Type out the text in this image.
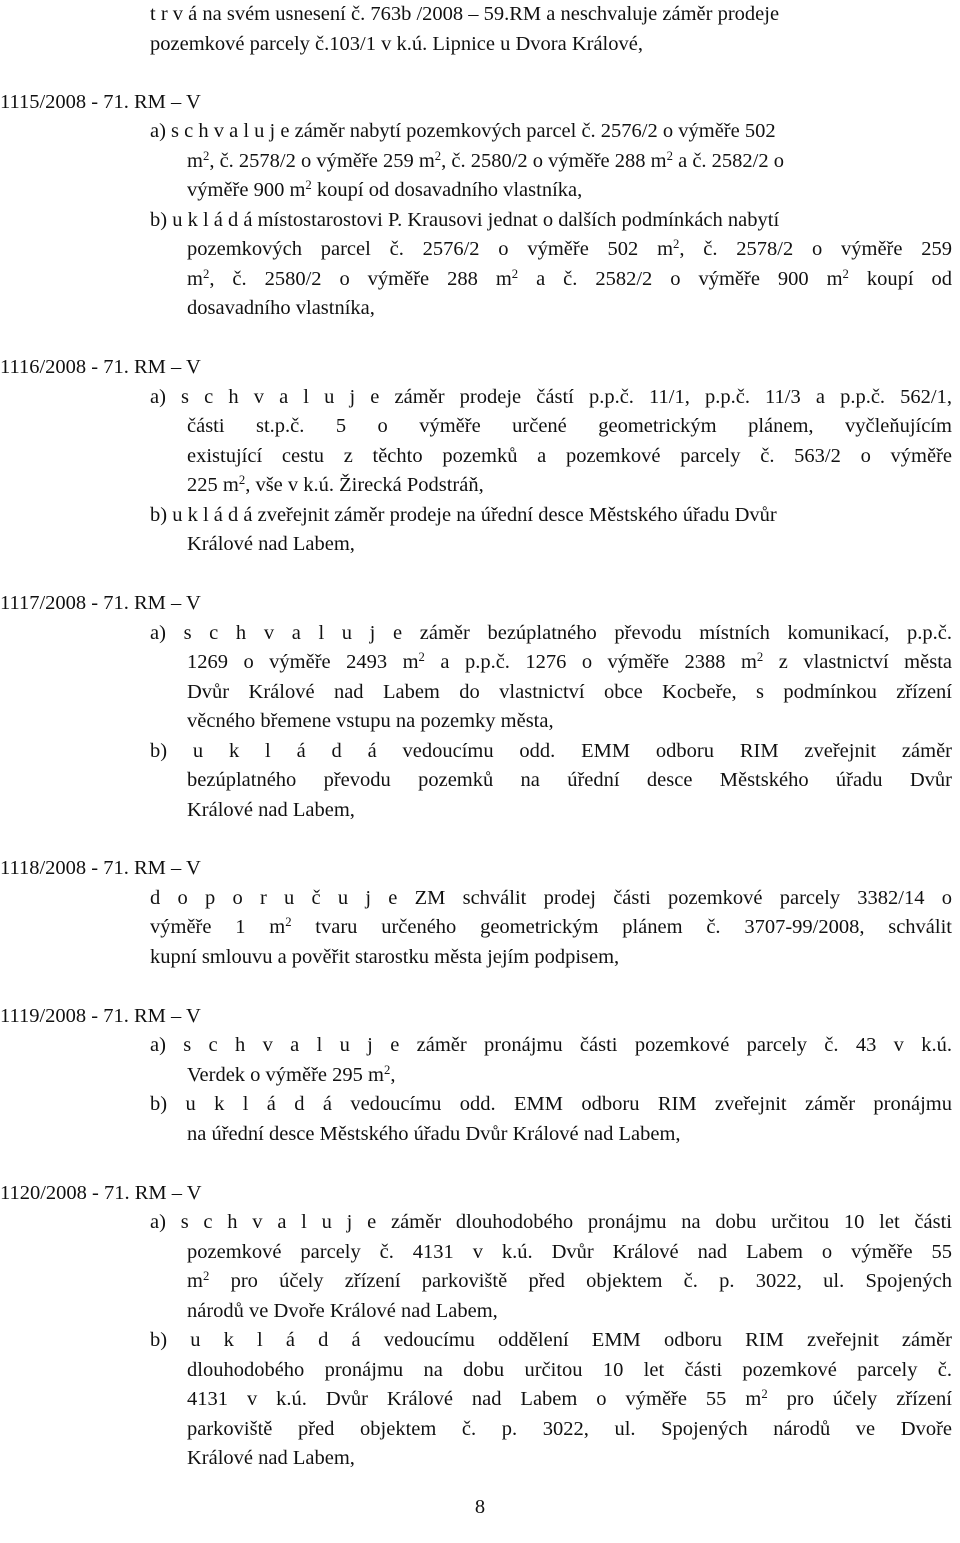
t r v á na svém usnesení č. 763b /2008 – 59.RM a neschvaluje záměr prodeje
pozemkové parcely č.103/1 v k.ú. Lipnice u Dvora Králové,
1115/2008 - 71. RM – V
a) s c h v a l u j e záměr nabytí pozemkových parcel č. 2576/2 o výměře 502
$m^2$, č. 2578/2 o výměře 259 $m^2$, č. 2580/2 o výměře 288 $m^2$ a č. 2582/2 o
výměře 900 $m^2$ koupí od dosavadního vlastníka,
b) u k l á d á místostarostovi P. Krausovi jednat o dalších podmínkách nabytí
pozemkových parcel č. 2576/2 o výměře 502 $m^2$, č. 2578/2 o výměře 259
$m^2$, č. 2580/2 o výměře 288 $m^2$ a č. 2582/2 o výměře 900 $m^2$ koupí od
dosavadního vlastníka,
1116/2008 - 71. RM – V
a) s c h v a l u j e záměr prodeje částí p.p.č. 11/1, p.p.č. 11/3 a p.p.č. 562/1,
části st.p.č. 5 o výměře určené geometrickým plánem, vyčleňujícím
existující cestu z těchto pozemků a pozemkové parcely č. 563/2 o výměře
225 $m^2$, vše v k.ú. Žirecká Podstráň,
b) u k l á d á zveřejnit záměr prodeje na úřední desce Městského úřadu Dvůr
Králové nad Labem,
1117/2008 - 71. RM – V
a) s c h v a l u j e záměr bezúplatného převodu místních komunikací, p.p.č.
1269 o výměře 2493 $m^2$ a p.p.č. 1276 o výměře 2388 $m^2$ z vlastnictví města
Dvůr Králové nad Labem do vlastnictví obce Kocbeře, s podmínkou zřízení
věcného břemene vstupu na pozemky města,
b) u k l á d á vedoucímu odd. EMM odboru RIM zveřejnit záměr
bezúplatného převodu pozemků na úřední desce Městského úřadu Dvůr
Králové nad Labem,
1118/2008 - 71. RM – V
d o p o r u č u j e ZM schválit prodej části pozemkové parcely 3382/14 o
výměře 1 $m^2$ tvaru určeného geometrickým plánem č. 3707-99/2008, schválit
kupní smlouvu a pověřit starostku města jejím podpisem,
1119/2008 - 71. RM – V
a) s c h v a l u j e záměr pronájmu části pozemkové parcely č. 43 v k.ú.
Verdek o výměře 295 $m^2$,
b) u k l á d á vedoucímu odd. EMM odboru RIM zveřejnit záměr pronájmu
na úřední desce Městského úřadu Dvůr Králové nad Labem,
1120/2008 - 71. RM – V
a) s c h v a l u j e záměr dlouhodobého pronájmu na dobu určitou 10 let části
pozemkové parcely č. 4131 v k.ú. Dvůr Králové nad Labem o výměře 55
$m^2$ pro účely zřízení parkoviště před objektem č. p. 3022, ul. Spojených
národů ve Dvoře Králové nad Labem,
b) u k l á d á vedoucímu oddělení EMM odboru RIM zveřejnit záměr
dlouhodobého pronájmu na dobu určitou 10 let části pozemkové parcely č.
4131 v k.ú. Dvůr Králové nad Labem o výměře 55 $m^2$ pro účely zřízení
parkoviště před objektem č. p. 3022, ul. Spojených národů ve Dvoře
Králové nad Labem,
8
